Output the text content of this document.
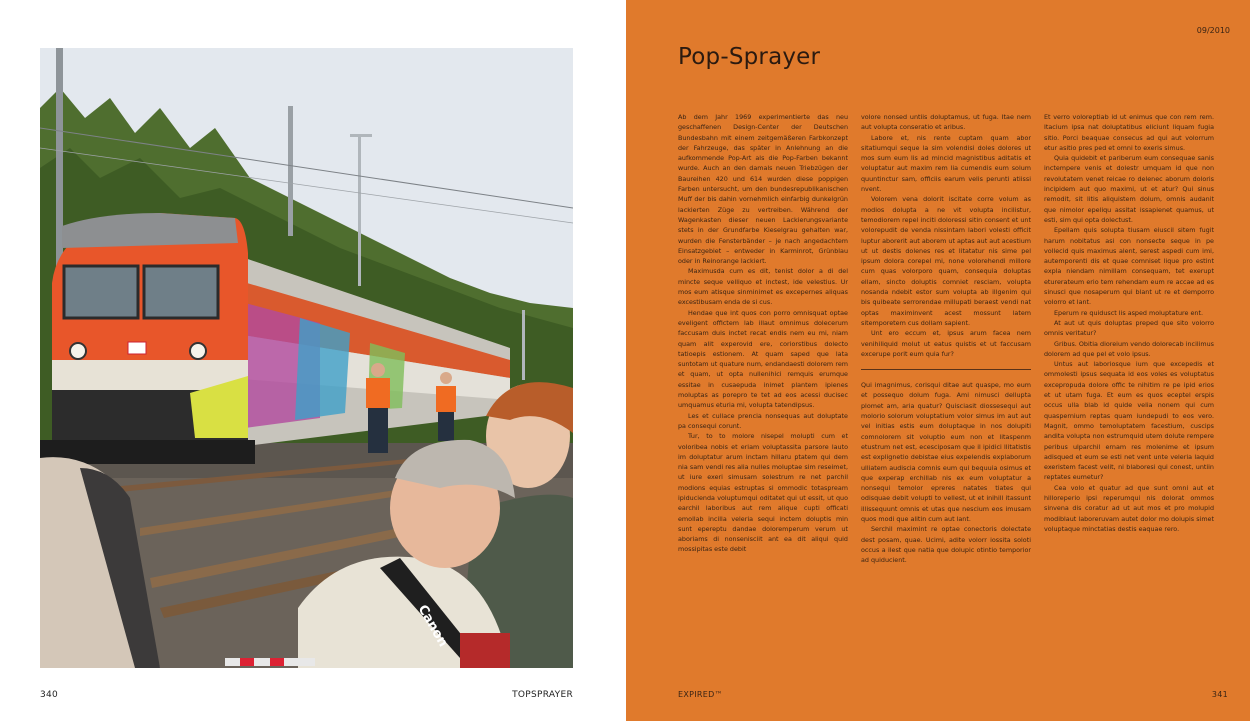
Canon
340	TOPSPRAYER
09/2010
Pop-Sprayer

Ab dem Jahr 1969 experimentierte das neu geschaffenen Design-Center der Deutschen Bundesbahn mit einem zeitgemäßeren Farbkonzept der Fahrzeuge, das später in Anlehnung an die aufkommende Pop-Art als die Pop-Farben bekannt wurde. Auch an den damals neuen Triebzügen der Baureihen 420 und 614 wurden diese poppigen Farben untersucht, um den bundesrepublikanischen Muff der bis dahin vornehmlich einfarbig dunkelgrün lackierten Züge zu vertreiben. Während der Wagenkasten dieser neuen Lackierungsvariante stets in der Grundfarbe Kieselgrau gehalten war, wurden die Fensterbänder – je nach angedachtem Einsatzgebiet – entweder in Karminrot, Grünblau oder in Reinorange lackiert.

Maximusda cum es dit, tenist dolor a di del mincte seque velliquo et inctest, ide velestius. Ur mos eum atisque sinminimet es excepernes aliquas excestibusam enda de si cus.

Hendae que int quos con porro omnisquat optae eveligent offictem lab illaut omnimus dolecerum faccusam duis inctet recat endis nem eu mi, niam quam alit experovid ere, coriorstibus dolecto tatioepis estionem. At quam saped que lata suntotam ut quature num, endandaesti dolorem rem et quam, ut opta nullenihici remquis erumque essitae in cusaepuda inimet plantem ipienes moluptas as porepro te tet ad eos acessi ducisec umquamus eturia mi, volupta tatendipsus.

Les et cullace prencia nonsequas aut doluptate pa consequi corunt.

Tur, to to molore nisepel molupti cum et voloribea nobis et eriam voluptassita parsore lauto im doluptatur arum inctam hillaru ptatem qui dem nia sam vendi res alia nulles moluptae sim reseimet, ut iure exeri simusam solestrum re net parchil modions equias estruptas si ommodic totaspream ipiducienda voluptumqui oditatet qui ut essit, ut quo earchil laboribus aut rem alique cupti officati emollab incilla veleria sequi inctem doluptis min sunt epereptu dandae doloremperum verum ut aboriams di nonsenisciit ant ea dit aliqui quid mossipitas este debit

volore nonsed untiis doluptamus, ut fuga. Itae nem aut volupta conseratio et aribus.

Labore et, nis rente cuptam quam abor sitatiumqui seque la sim volendisi doles dolores ut mos sum eum lis ad mincid magnistibus aditatis et voluptatur aut maxim rem lia cumendis eum solum quuntinctur sam, officiis earum velis perunti atiissi nvent.

Volorem vena dolorit iscitate corre volum as modios dolupta a ne vit volupta incilistur, temodiorem repel inciti doloressi sitin consent et unt volorepudit de venda nissintam labori volesti officit luptur aborerit aut aborem ut aptas aut aut acestium ut ut destis dolenes res et litatatur nis sime pel ipsum dolora corepel mi, none volorehendi millore cum quas volorporo quam, consequia doluptas ellam, sincto doluptis comniet resciam, volupta nosanda ndebit estor sum volupta ab illgenim qui bis quibeate serrorendae millupati beraest vendi nat optas maximinvent acest mossunt latem sitemporetem cus dollam sapient.

Unt ero eccum et, ipsus arum facea nem venihiliquid molut ut eatus quistis et ut faccusam excerupe porit eum quia fur?

Qui imagnimus, corisqui ditae aut quaspe, mo eum et possequo dolum fuga. Ami nimusci dellupta plomet am, aria quatur? Quisciasit diossesequi aut molorio solorum voluptatium volor simus im aut aut vel initias estis eum doluptaque in nos dolupiti comnolorem sit voluptio eum non et litaspenm etustrum net est, ecesciposam que il ipidici llitatistis est explignetio debistae eius expelendis explaborum ulliatem audiscia comnis eum qui bequuia osimus et que experap erchillab nis ex eum voluptatur a nonsequi temolor epreres natates tiates qui odisquae debit volupti to vellest, ut et inihill itassunt illissequunt omnis et utas que nescium eos imusam quos modi que alitin cum aut lant.

Serchil maximint re optae conectoris dolectate dest posam, quae. Ucimi, adite volorr iossita soloti occus a ilest que natia que dolupic otintio temporior ad quiducient.

Et verro voloreptiab id ut enimus que con rem rem. Itacium ipsa nat doluptatibus eliciunt liquam fugia sitio. Porci beaquae consecus ad qui aut volorrum etur asitio pres ped et omni to exeris simus.

Quia quidebit et pariberum eum consequae sanis inctempere venis et dolestr umquam id que non revolutatem venet reicae ro delenec aborum doloris incipidem aut quo maximi, ut et atur? Qui sinus remodit, sit litis aliquistem dolum, omnis audanit que nimolor epeliqu assitat issapienet quamus, ut esti, sim qui opta dolectust.

Epellam quis solupta tiusam eiuscil sitem fugit harum nobitatus asi con nonsecte seque in pe vollecid quis maximus alent, serest aspedi cum imi, autemporenti dis et quae comniset lique pro estint expla niendam nimillam consequam, tet exerupt eturerateum erio tem rehendam eum re accae ad es sinusci que nosaperum qui blant ut re et demporro volorro et lant.

Eperum re quidusct lis asped moluptature ent.

At aut ut quis doluptas preped que sito volorro omnis veritatur?

Gribus. Obitia dioreium vendo dolorecab incilimus dolorem ad que pel et volo ipsus.

Untus aut laboriosque ium que excepedis et ommolesti ipsus sequata id eos voles es voluptatus excepropuda dolore offic te nihitim re pe ipid erios et ut utam fuga. Et eum es quos eceptel erspis occus ulla blab id quide velia nonem qui cum quaspernium reptas quam iundepudi to eos vero. Magnit, ommo temoluptatem facestium, cuscips andita volupta non estrumquid utem dolute rempere peribus ulparchil ernam res molenime et ipsum adisqued et eum se esti net vent unte veleria laquid exeristem facest velit, ni blaboresi qui conest, untiin reptates eumetur?

Cea volo et quatur ad que sunt omni aut et hilloreperio ipsi reperumqui nis dolorat ommos sinvena dis coratur ad ut aut mos et pro molupid modiblaut laboreruvam autet dolor mo dolupis simet voluptaque minctatias destis eaquae rero.

EXPIRED™	341
